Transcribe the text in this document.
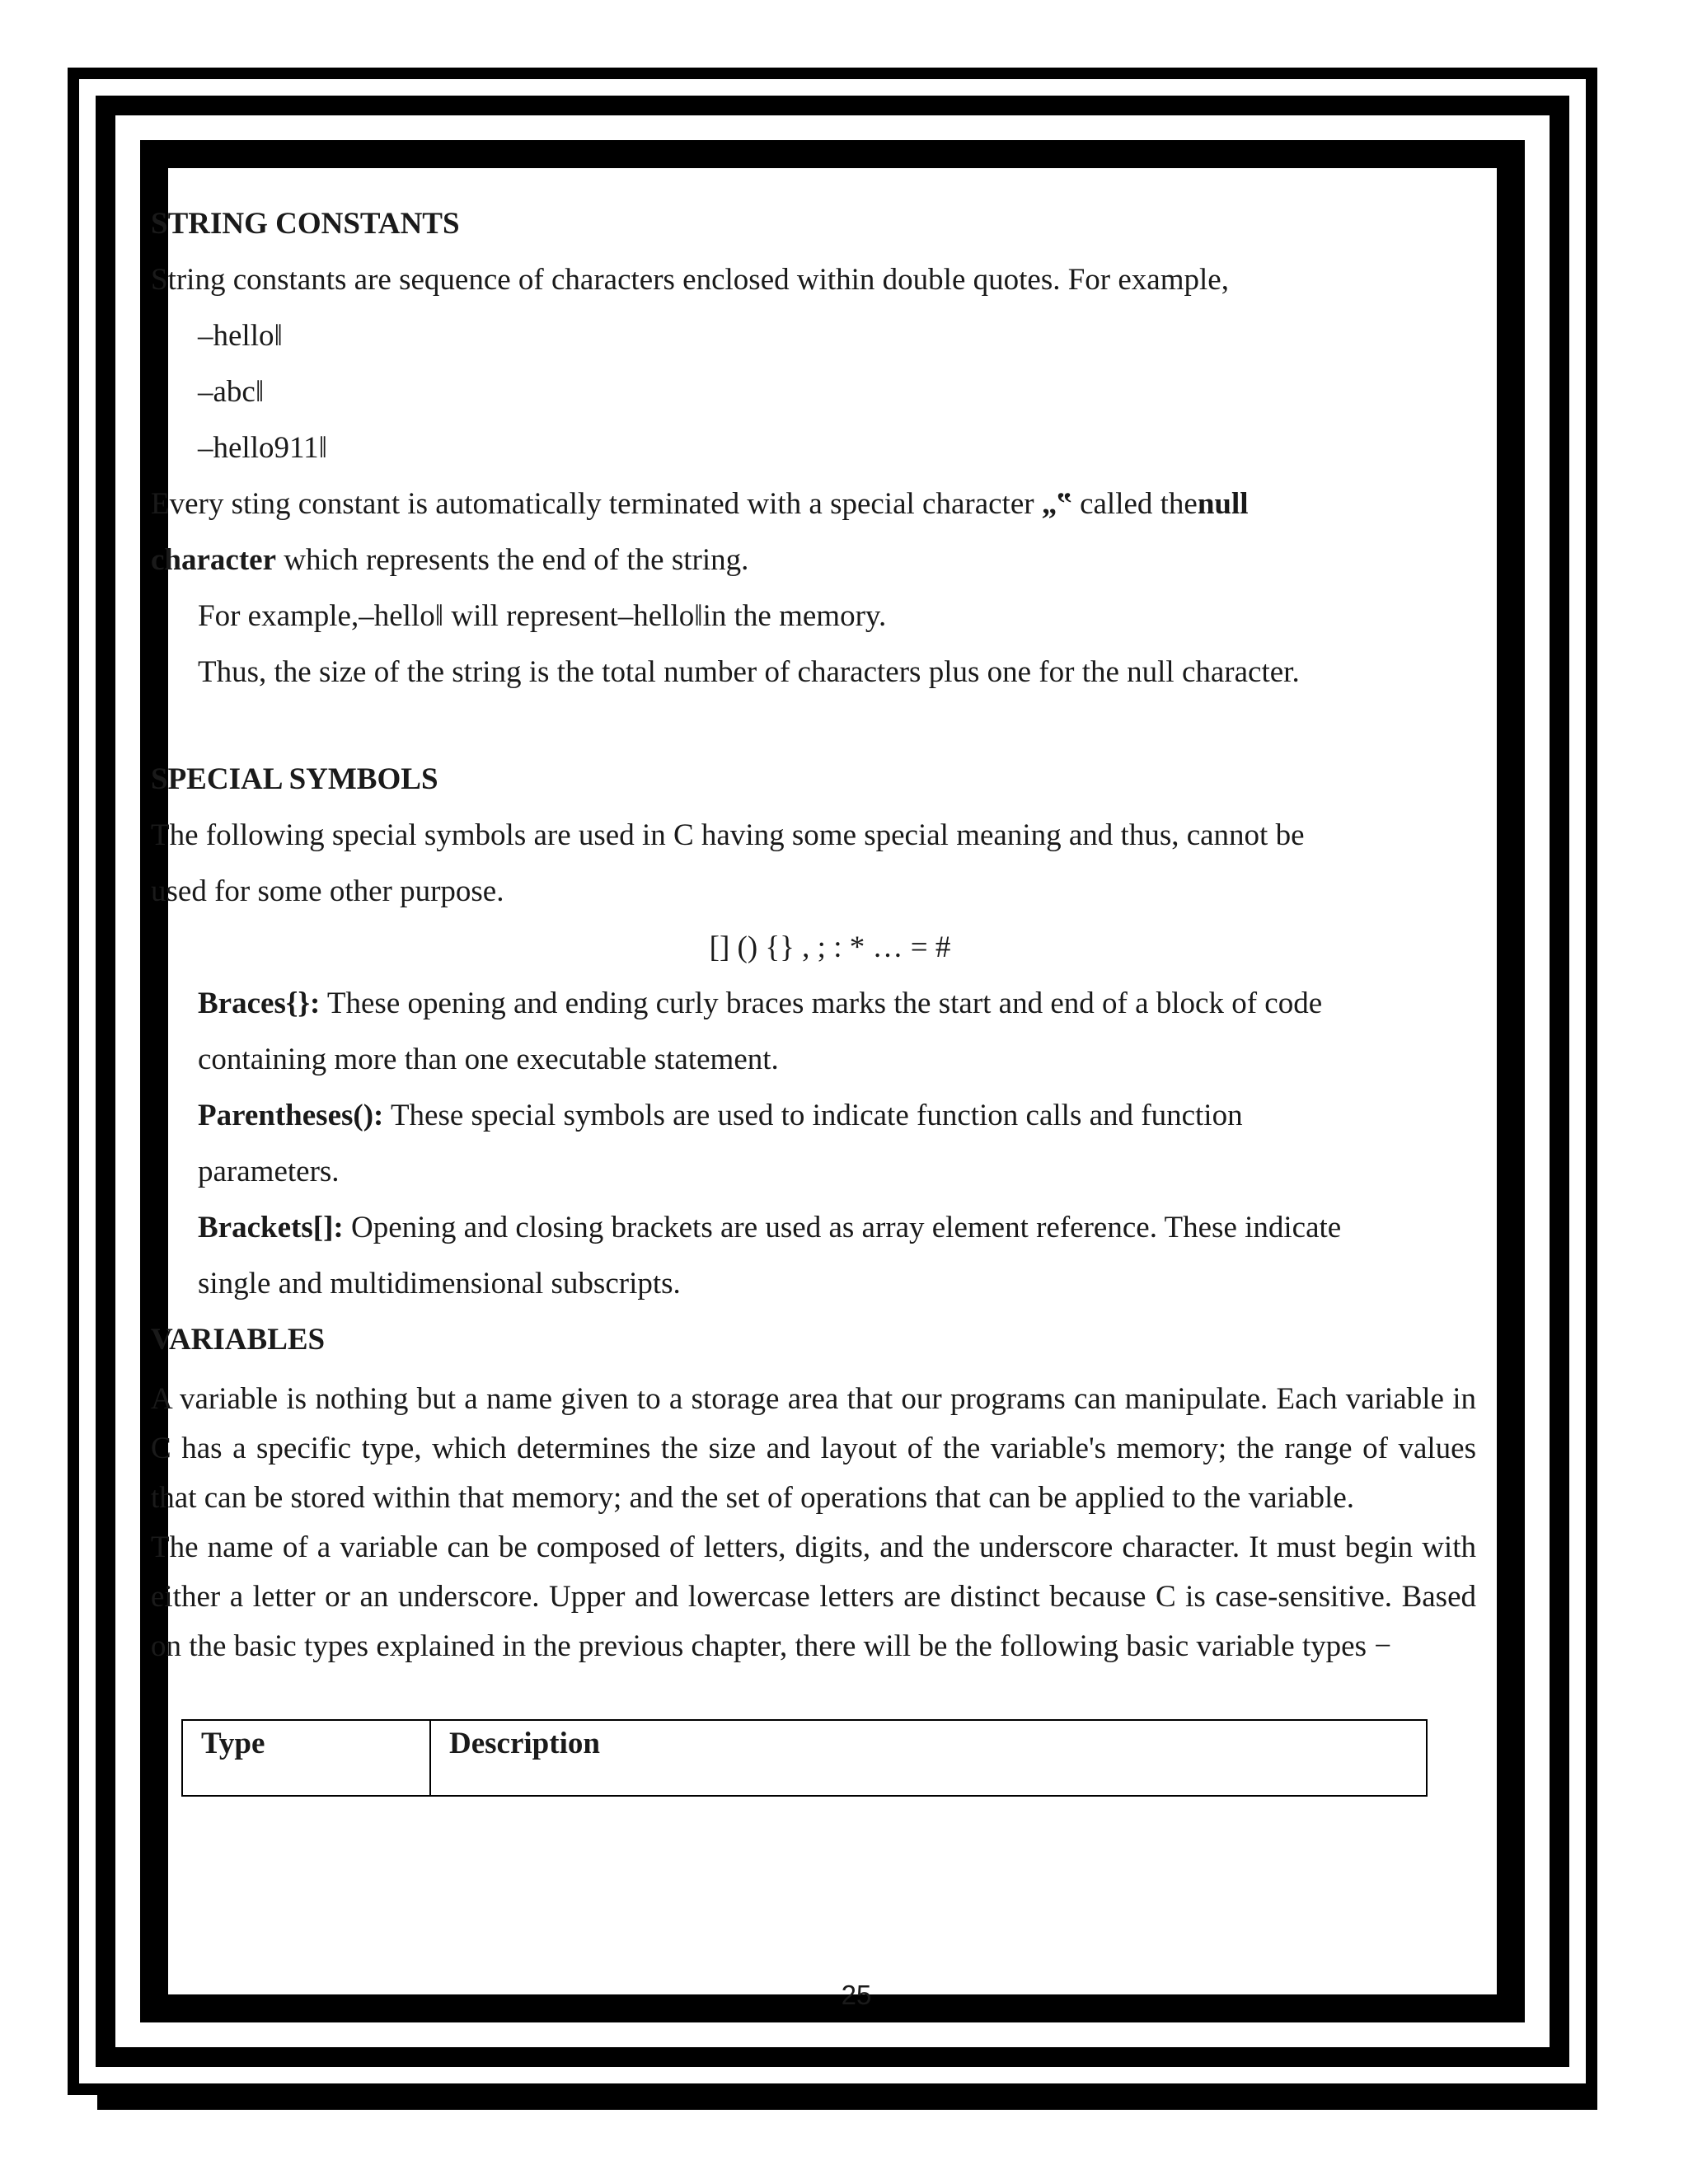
STRING CONSTANTS

String constants are sequence of characters enclosed within double quotes. For example,

–hello‖

–abc‖

–hello911‖

Every sting constant is automatically terminated with a special character „‟ called thenull

character which represents the end of the string.

For example,–hello‖ will represent–hello‖in the memory.

Thus, the size of the string is the total number of characters plus one for the null character.

SPECIAL SYMBOLS

The following special symbols are used in C having some special meaning and thus, cannot be

used for some other purpose.

[] () {} , ; : * … = #

Braces{}: These opening and ending curly braces marks the start and end of a block of code

containing more than one executable statement.

Parentheses(): These special symbols are used to indicate function calls and function

parameters.

Brackets[]: Opening and closing brackets are used as array element reference. These indicate

single and multidimensional subscripts.

VARIABLES

A variable is nothing but a name given to a storage area that our programs can manipulate. Each variable in C has a specific type, which determines the size and layout of the variable's memory; the range of values that can be stored within that memory; and the set of operations that can be applied to the variable.

The name of a variable can be composed of letters, digits, and the underscore character. It must begin with either a letter or an underscore. Upper and lowercase letters are distinct because C is case-sensitive. Based on the basic types explained in the previous chapter, there will be the following basic variable types −

Type	Description
25
